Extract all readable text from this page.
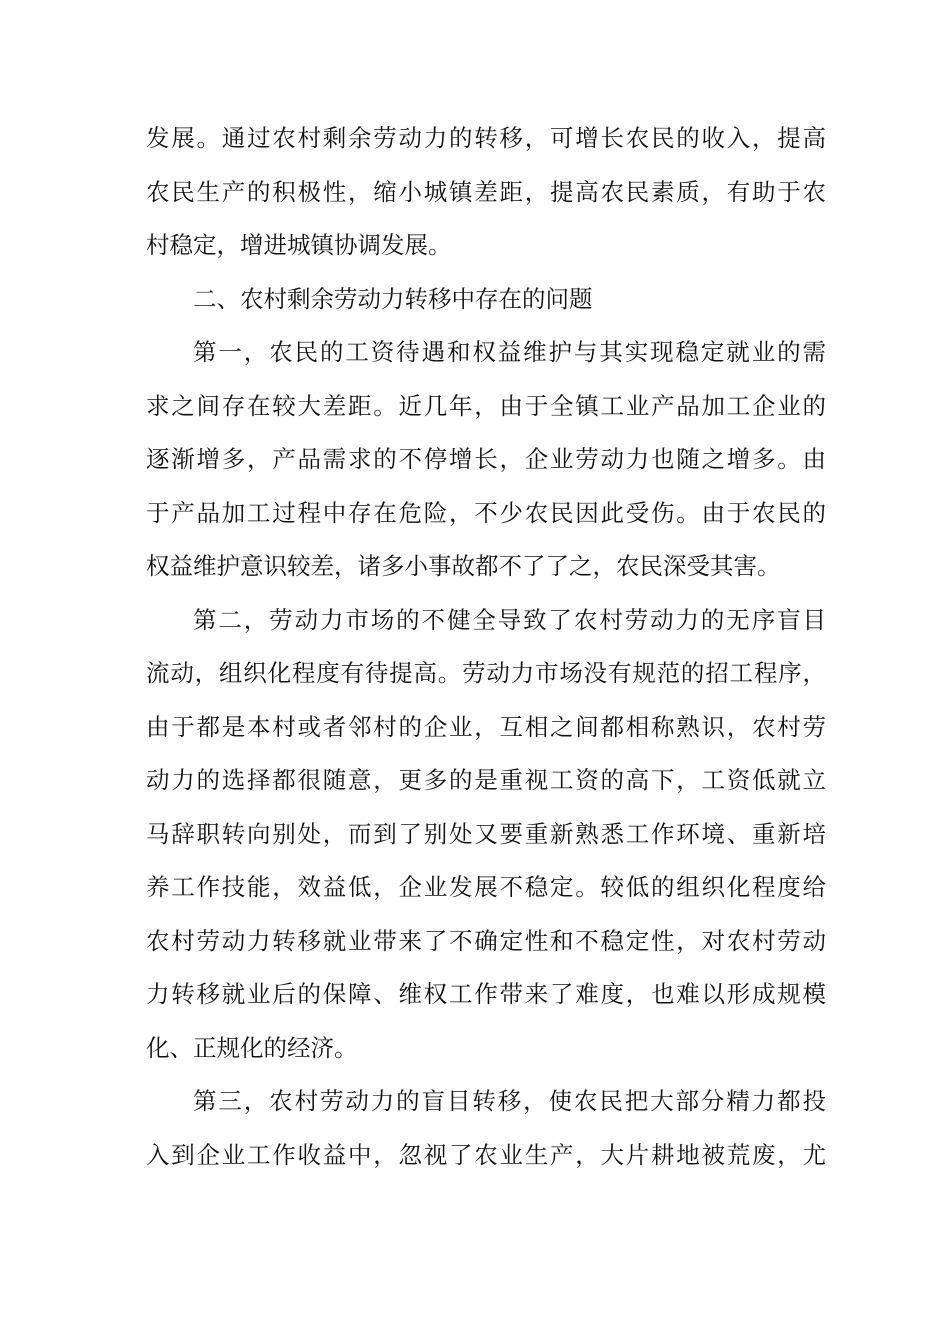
发展。通过农村剩余劳动力的转移，可增长农民的收入，提高
农民生产的积极性，缩小城镇差距，提高农民素质，有助于农
村稳定，增进城镇协调发展。
二、农村剩余劳动力转移中存在的问题
第一，农民的工资待遇和权益维护与其实现稳定就业的需
求之间存在较大差距。近几年，由于全镇工业产品加工企业的
逐渐增多，产品需求的不停增长，企业劳动力也随之增多。由
于产品加工过程中存在危险，不少农民因此受伤。由于农民的
权益维护意识较差，诸多小事故都不了了之，农民深受其害。
第二，劳动力市场的不健全导致了农村劳动力的无序盲目
流动，组织化程度有待提高。劳动力市场没有规范的招工程序，
由于都是本村或者邻村的企业，互相之间都相称熟识，农村劳
动力的选择都很随意，更多的是重视工资的高下，工资低就立
马辞职转向别处，而到了别处又要重新熟悉工作环境、重新培
养工作技能，效益低，企业发展不稳定。较低的组织化程度给
农村劳动力转移就业带来了不确定性和不稳定性，对农村劳动
力转移就业后的保障、维权工作带来了难度，也难以形成规模
化、正规化的经济。
第三，农村劳动力的盲目转移，使农民把大部分精力都投
入到企业工作收益中，忽视了农业生产，大片耕地被荒废，尤
